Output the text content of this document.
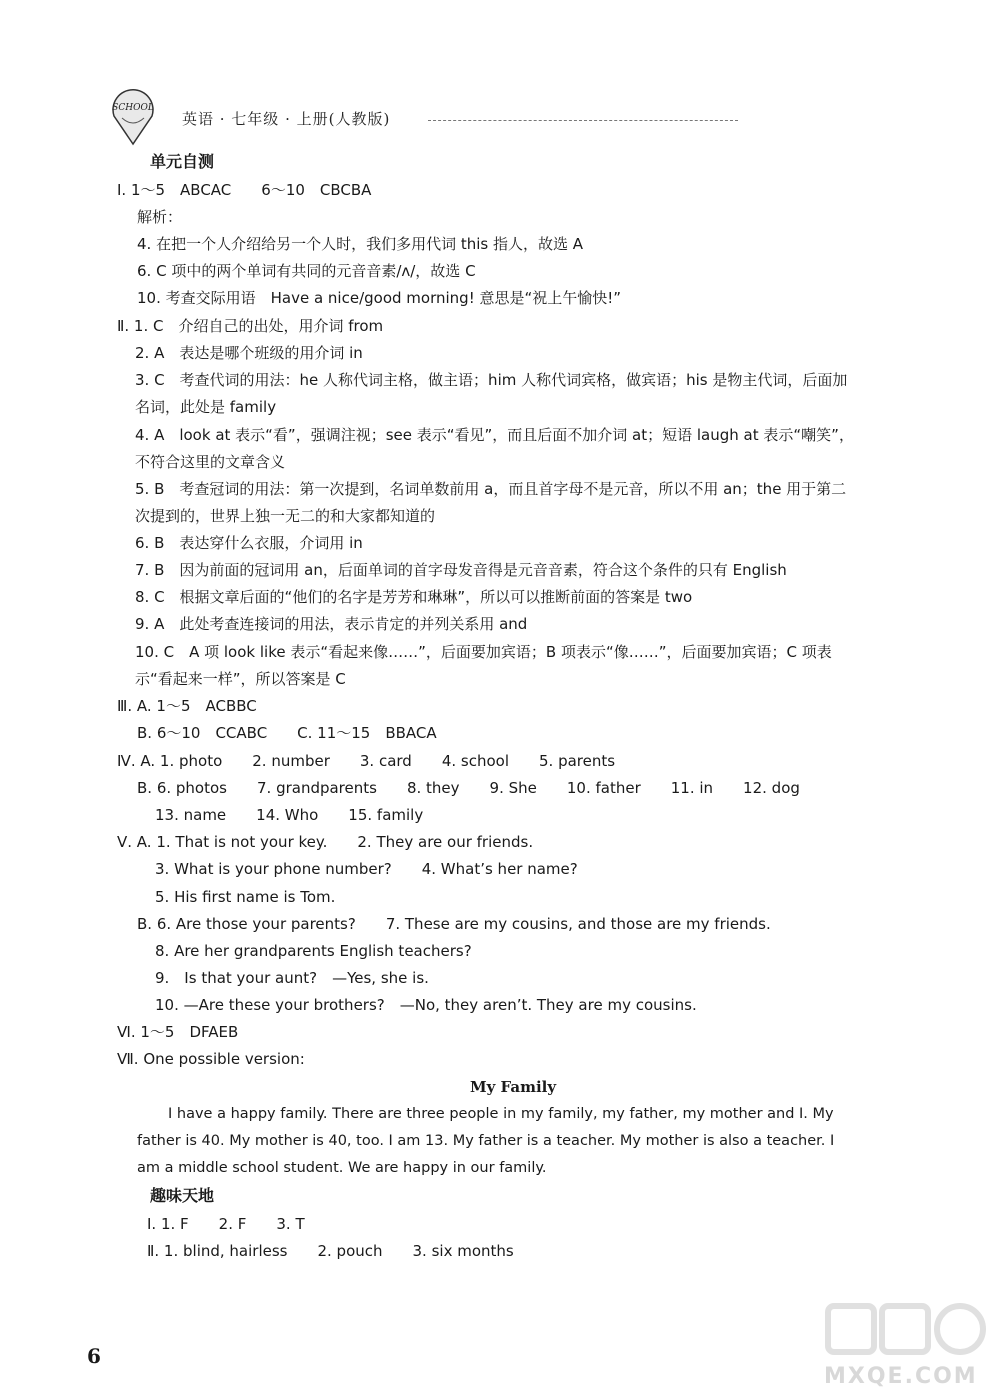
SCHOOL
英语 · 七年级 · 上册(人教版)
单元自测
Ⅰ. 1～5　ABCAC　　6～10　CBCBA
解析：
4. 在把一个人介绍给另一个人时，我们多用代词 this 指人，故选 A
6. C 项中的两个单词有共同的元音音素/ʌ/，故选 C
10. 考查交际用语　Have a nice/good morning! 意思是“祝上午愉快!”
Ⅱ. 1. C　介绍自己的出处，用介词 from
2. A　表达是哪个班级的用介词 in
3. C　考查代词的用法：he 人称代词主格，做主语；him 人称代词宾格，做宾语；his 是物主代词，后面加
名词，此处是 family
4. A　look at 表示“看”，强调注视；see 表示“看见”，而且后面不加介词 at；短语 laugh at 表示“嘲笑”，
不符合这里的文章含义
5. B　考查冠词的用法：第一次提到，名词单数前用 a，而且首字母不是元音，所以不用 an；the 用于第二
次提到的，世界上独一无二的和大家都知道的
6. B　表达穿什么衣服，介词用 in
7. B　因为前面的冠词用 an，后面单词的首字母发音得是元音音素，符合这个条件的只有 English
8. C　根据文章后面的“他们的名字是芳芳和琳琳”，所以可以推断前面的答案是 two
9. A　此处考查连接词的用法，表示肯定的并列关系用 and
10. C　A 项 look like 表示“看起来像……”，后面要加宾语；B 项表示“像……”，后面要加宾语；C 项表
示“看起来一样”，所以答案是 C
Ⅲ. A. 1～5　ACBBC
B. 6～10　CCABC　　C. 11～15　BBACA
Ⅳ. A. 1. photo　　2. number　　3. card　　4. school　　5. parents
B. 6. photos　　7. grandparents　　8. they　　9. She　　10. father　　11. in　　12. dog
13. name　　14. Who　　15. family
Ⅴ. A. 1. That is not your key.　　2. They are our friends.
3. What is your phone number?　　4. What’s her name?
5. His first name is Tom.
B. 6. Are those your parents?　　7. These are my cousins, and those are my friends.
8. Are her grandparents English teachers?
9.　Is that your aunt?　—Yes, she is.
10. —Are these your brothers?　—No, they aren’t. They are my cousins.
Ⅵ. 1～5　DFAEB
Ⅶ. One possible version:
My Family
I have a happy family. There are three people in my family, my father, my mother and I. My
father is 40. My mother is 40, too. I am 13. My father is a teacher. My mother is also a teacher. I
am a middle school student. We are happy in our family.
趣味天地
Ⅰ. 1. F　　2. F　　3. T
Ⅱ. 1. blind, hairless　　2. pouch　　3. six months
6
MXQE.COM
